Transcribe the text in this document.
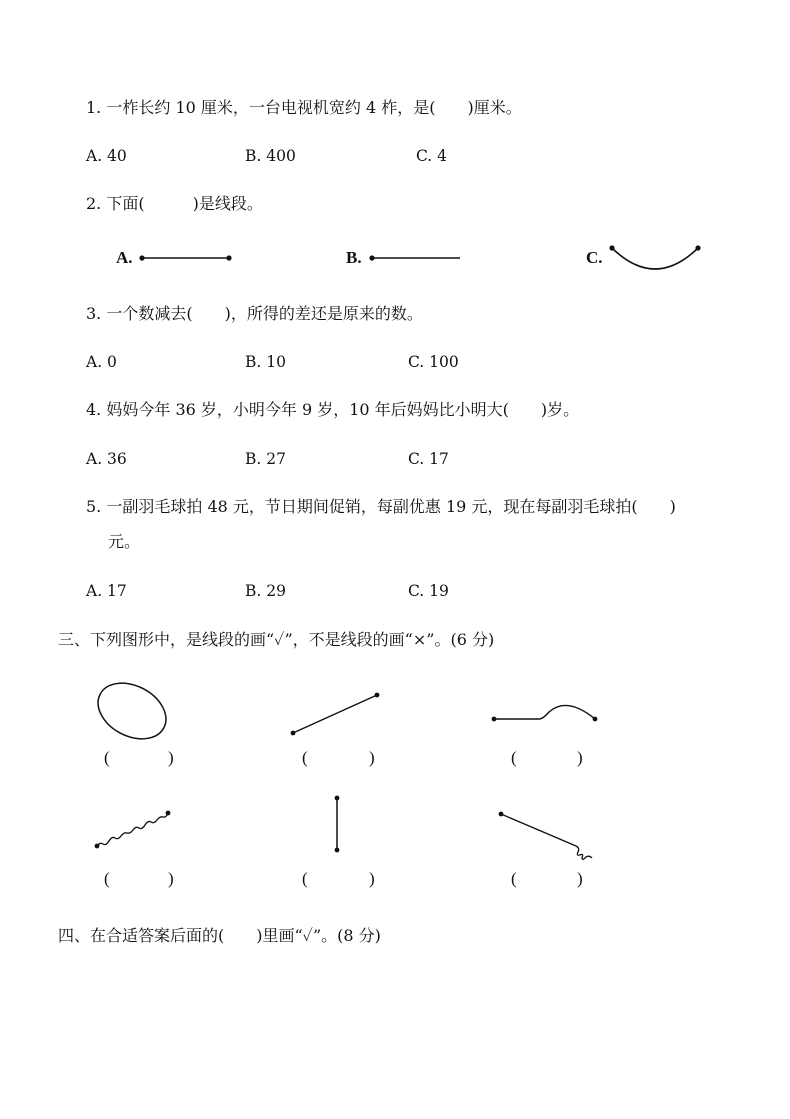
1. 一柞长约 10 厘米，一台电视机宽约 4 柞，是(　　)厘米。
A. 40	B. 400	C. 4
2. 下面(　　　)是线段。
A.	B.	C.
3. 一个数减去(　　)，所得的差还是原来的数。
A. 0	B. 10	C. 100
4. 妈妈今年 36 岁，小明今年 9 岁，10 年后妈妈比小明大(　　)岁。
A. 36	B. 27	C. 17
5. 一副羽毛球拍 48 元，节日期间促销，每副优惠 19 元，现在每副羽毛球拍(　　)
元。
A. 17	B. 29	C. 19
三、下列图形中，是线段的画“✓”，不是线段的画“×”。(6 分)
(	)	(	)	(	)
(	)	(	)	(	)
四、在合适答案后面的(　　)里画“✓”。(8 分)
